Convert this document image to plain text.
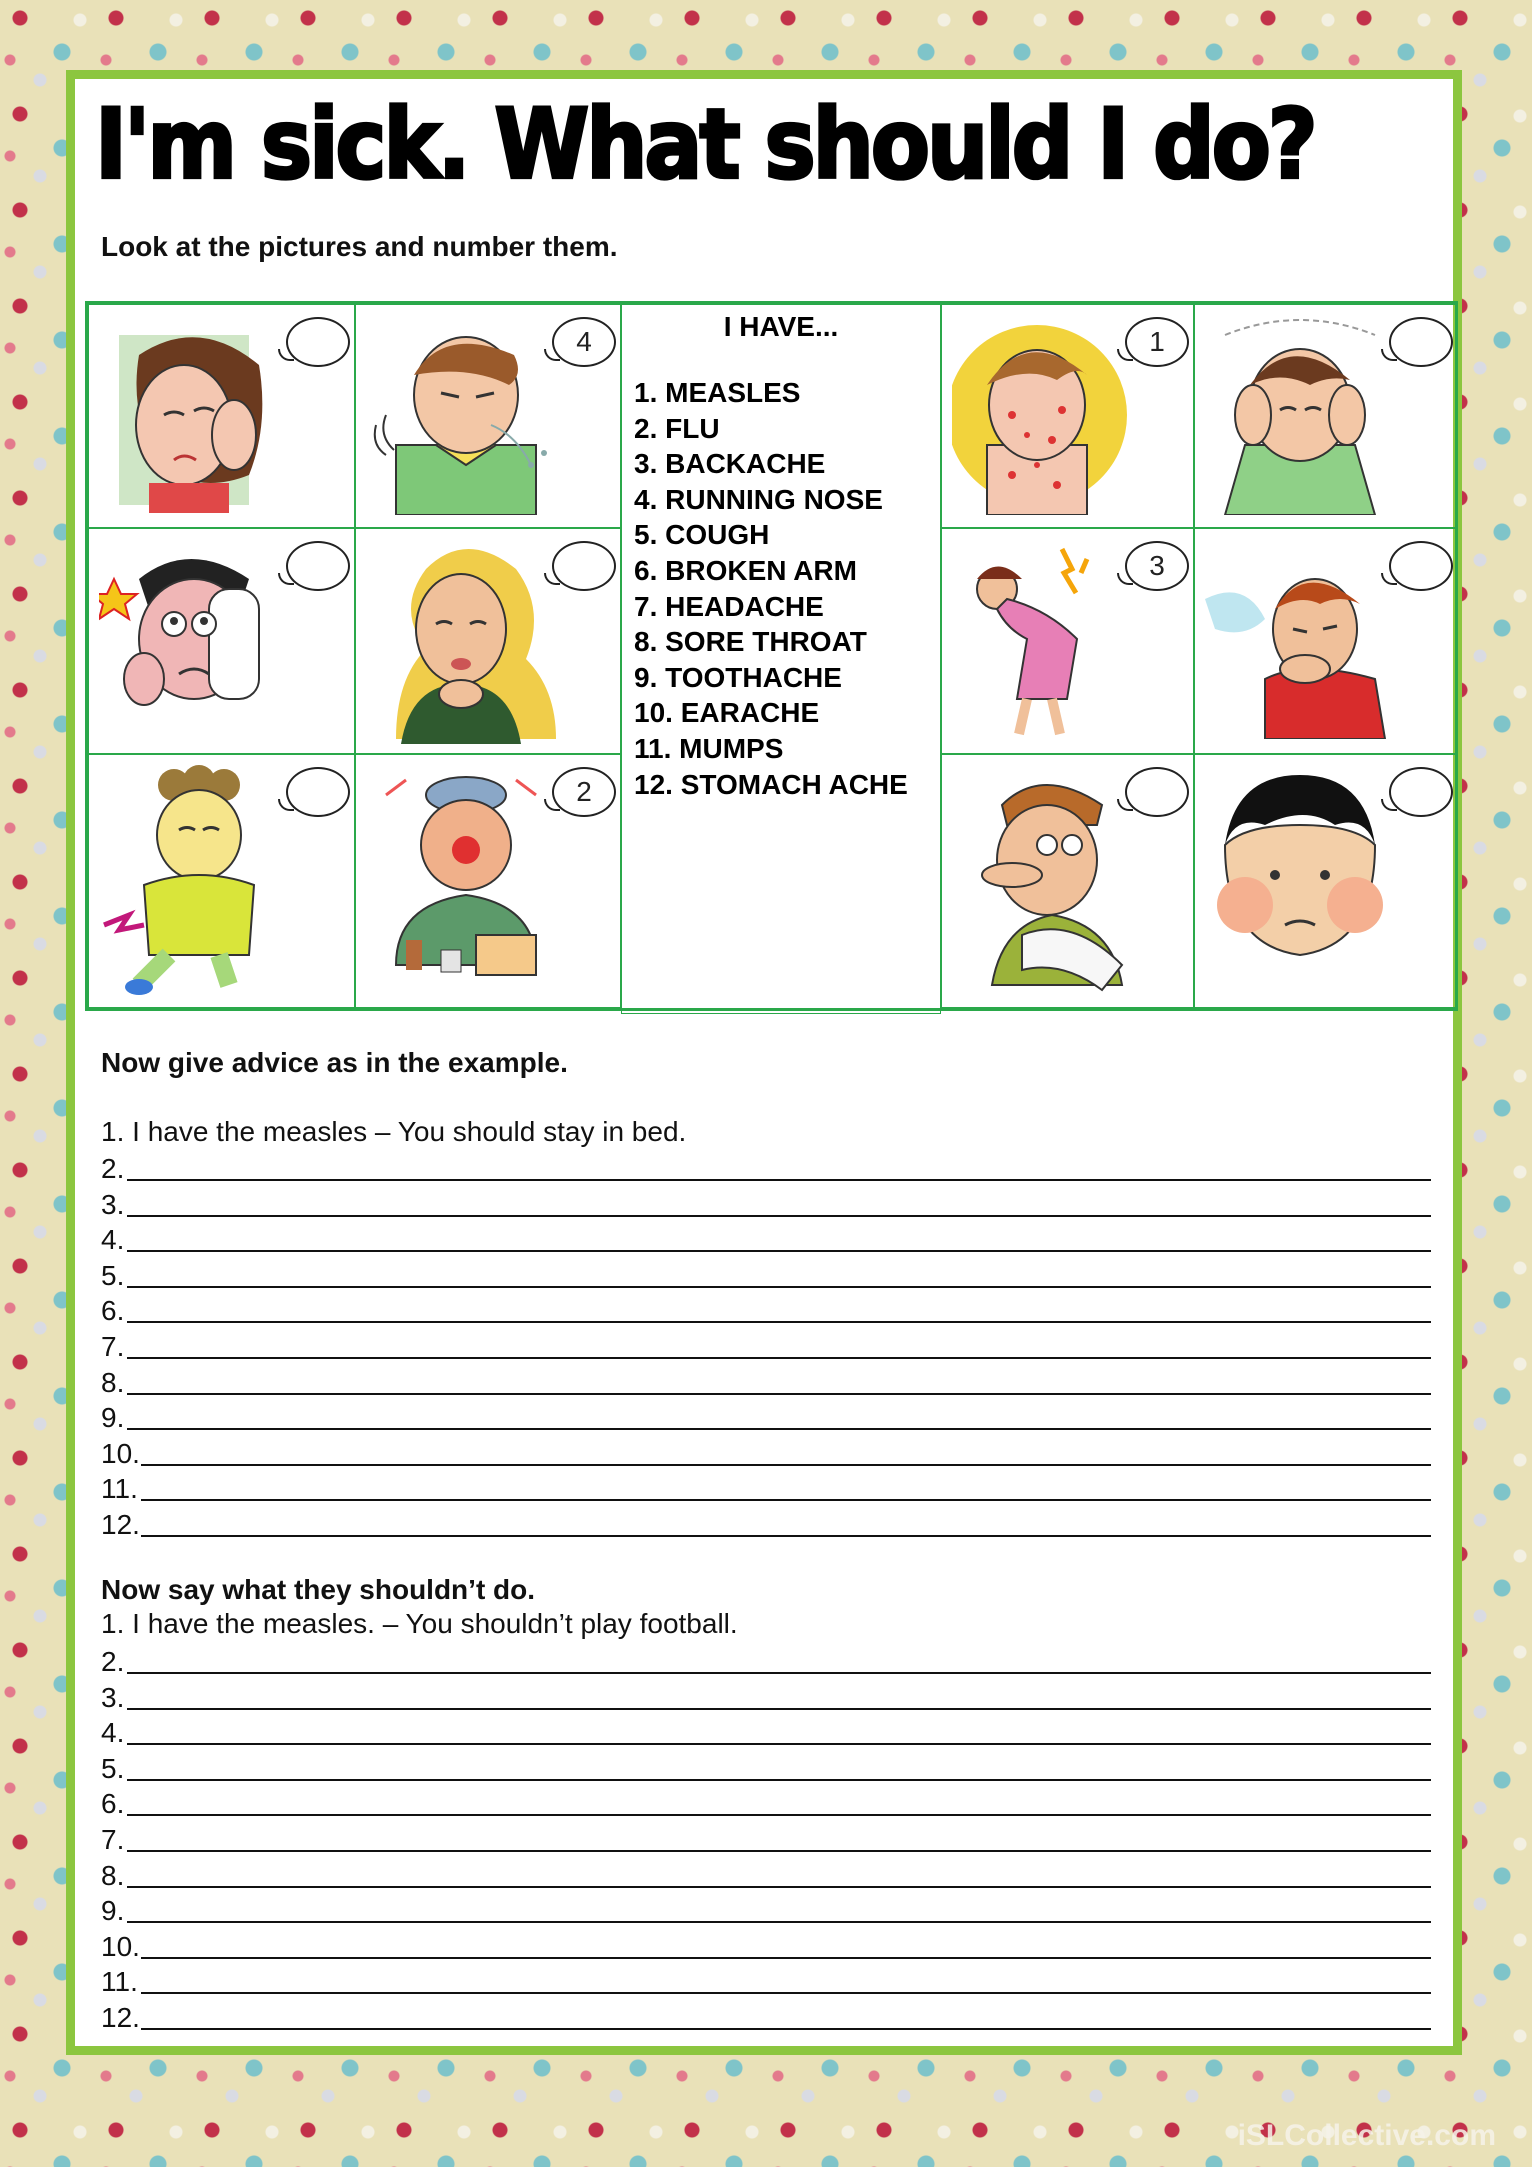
I'm sick. What should I do?
Look at the pictures and number them.
4	I HAVE...
1. MEASLES
2. FLU
3. BACKACHE
4. RUNNING NOSE
5. COUGH
6. BROKEN ARM
7. HEADACHE
8. SORE THROAT
9. TOOTHACHE
10. EARACHE
11. MUMPS
12. STOMACH ACHE
1
3
2
Now give advice as in the example.
1. I have the measles – You should stay in bed.
Now say what they shouldn’t do.
1. I have the measles. – You shouldn’t play football.
2.
3.
4.
5.
6.
7.
8.
9.
10.
11.
12.
2.
3.
4.
5.
6.
7.
8.
9.
10.
11.
12.
iSLCollective.com
